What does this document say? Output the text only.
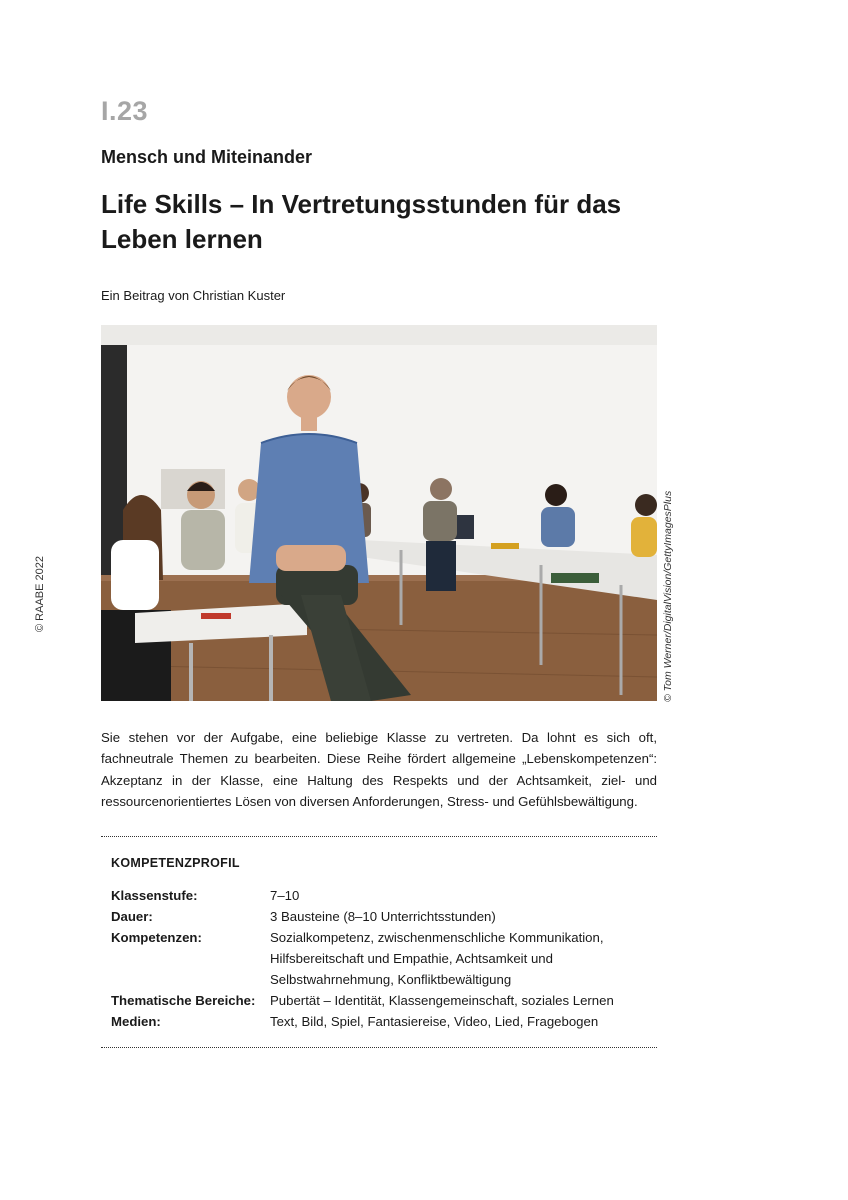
I.23
Mensch und Miteinander
Life Skills – In Vertretungsstunden für das Leben lernen
Ein Beitrag von Christian Kuster
© RAABE 2022	© Tom Werner/DigitalVision/GettyImagesPlus
Sie stehen vor der Aufgabe, eine beliebige Klasse zu vertreten. Da lohnt es sich oft, fachneutrale Themen zu bearbeiten. Diese Reihe fördert allgemeine „Lebenskompetenzen“: Akzeptanz in der Klasse, eine Haltung des Respekts und der Achtsamkeit, ziel- und ressourcenorientiertes Lösen von diversen Anforderungen, Stress- und Gefühlsbewältigung.
KOMPETENZPROFIL
Klassenstufe:	7–10
Dauer:	3 Bausteine (8–10 Unterrichtsstunden)
Kompetenzen:	Sozialkompetenz, zwischenmenschliche Kommunikation, Hilfsbereitschaft und Empathie, Achtsamkeit und Selbstwahrnehmung, Konfliktbewältigung
Thematische Bereiche:	Pubertät – Identität, Klassengemeinschaft, soziales Lernen
Medien:	Text, Bild, Spiel, Fantasiereise, Video, Lied, Fragebogen
